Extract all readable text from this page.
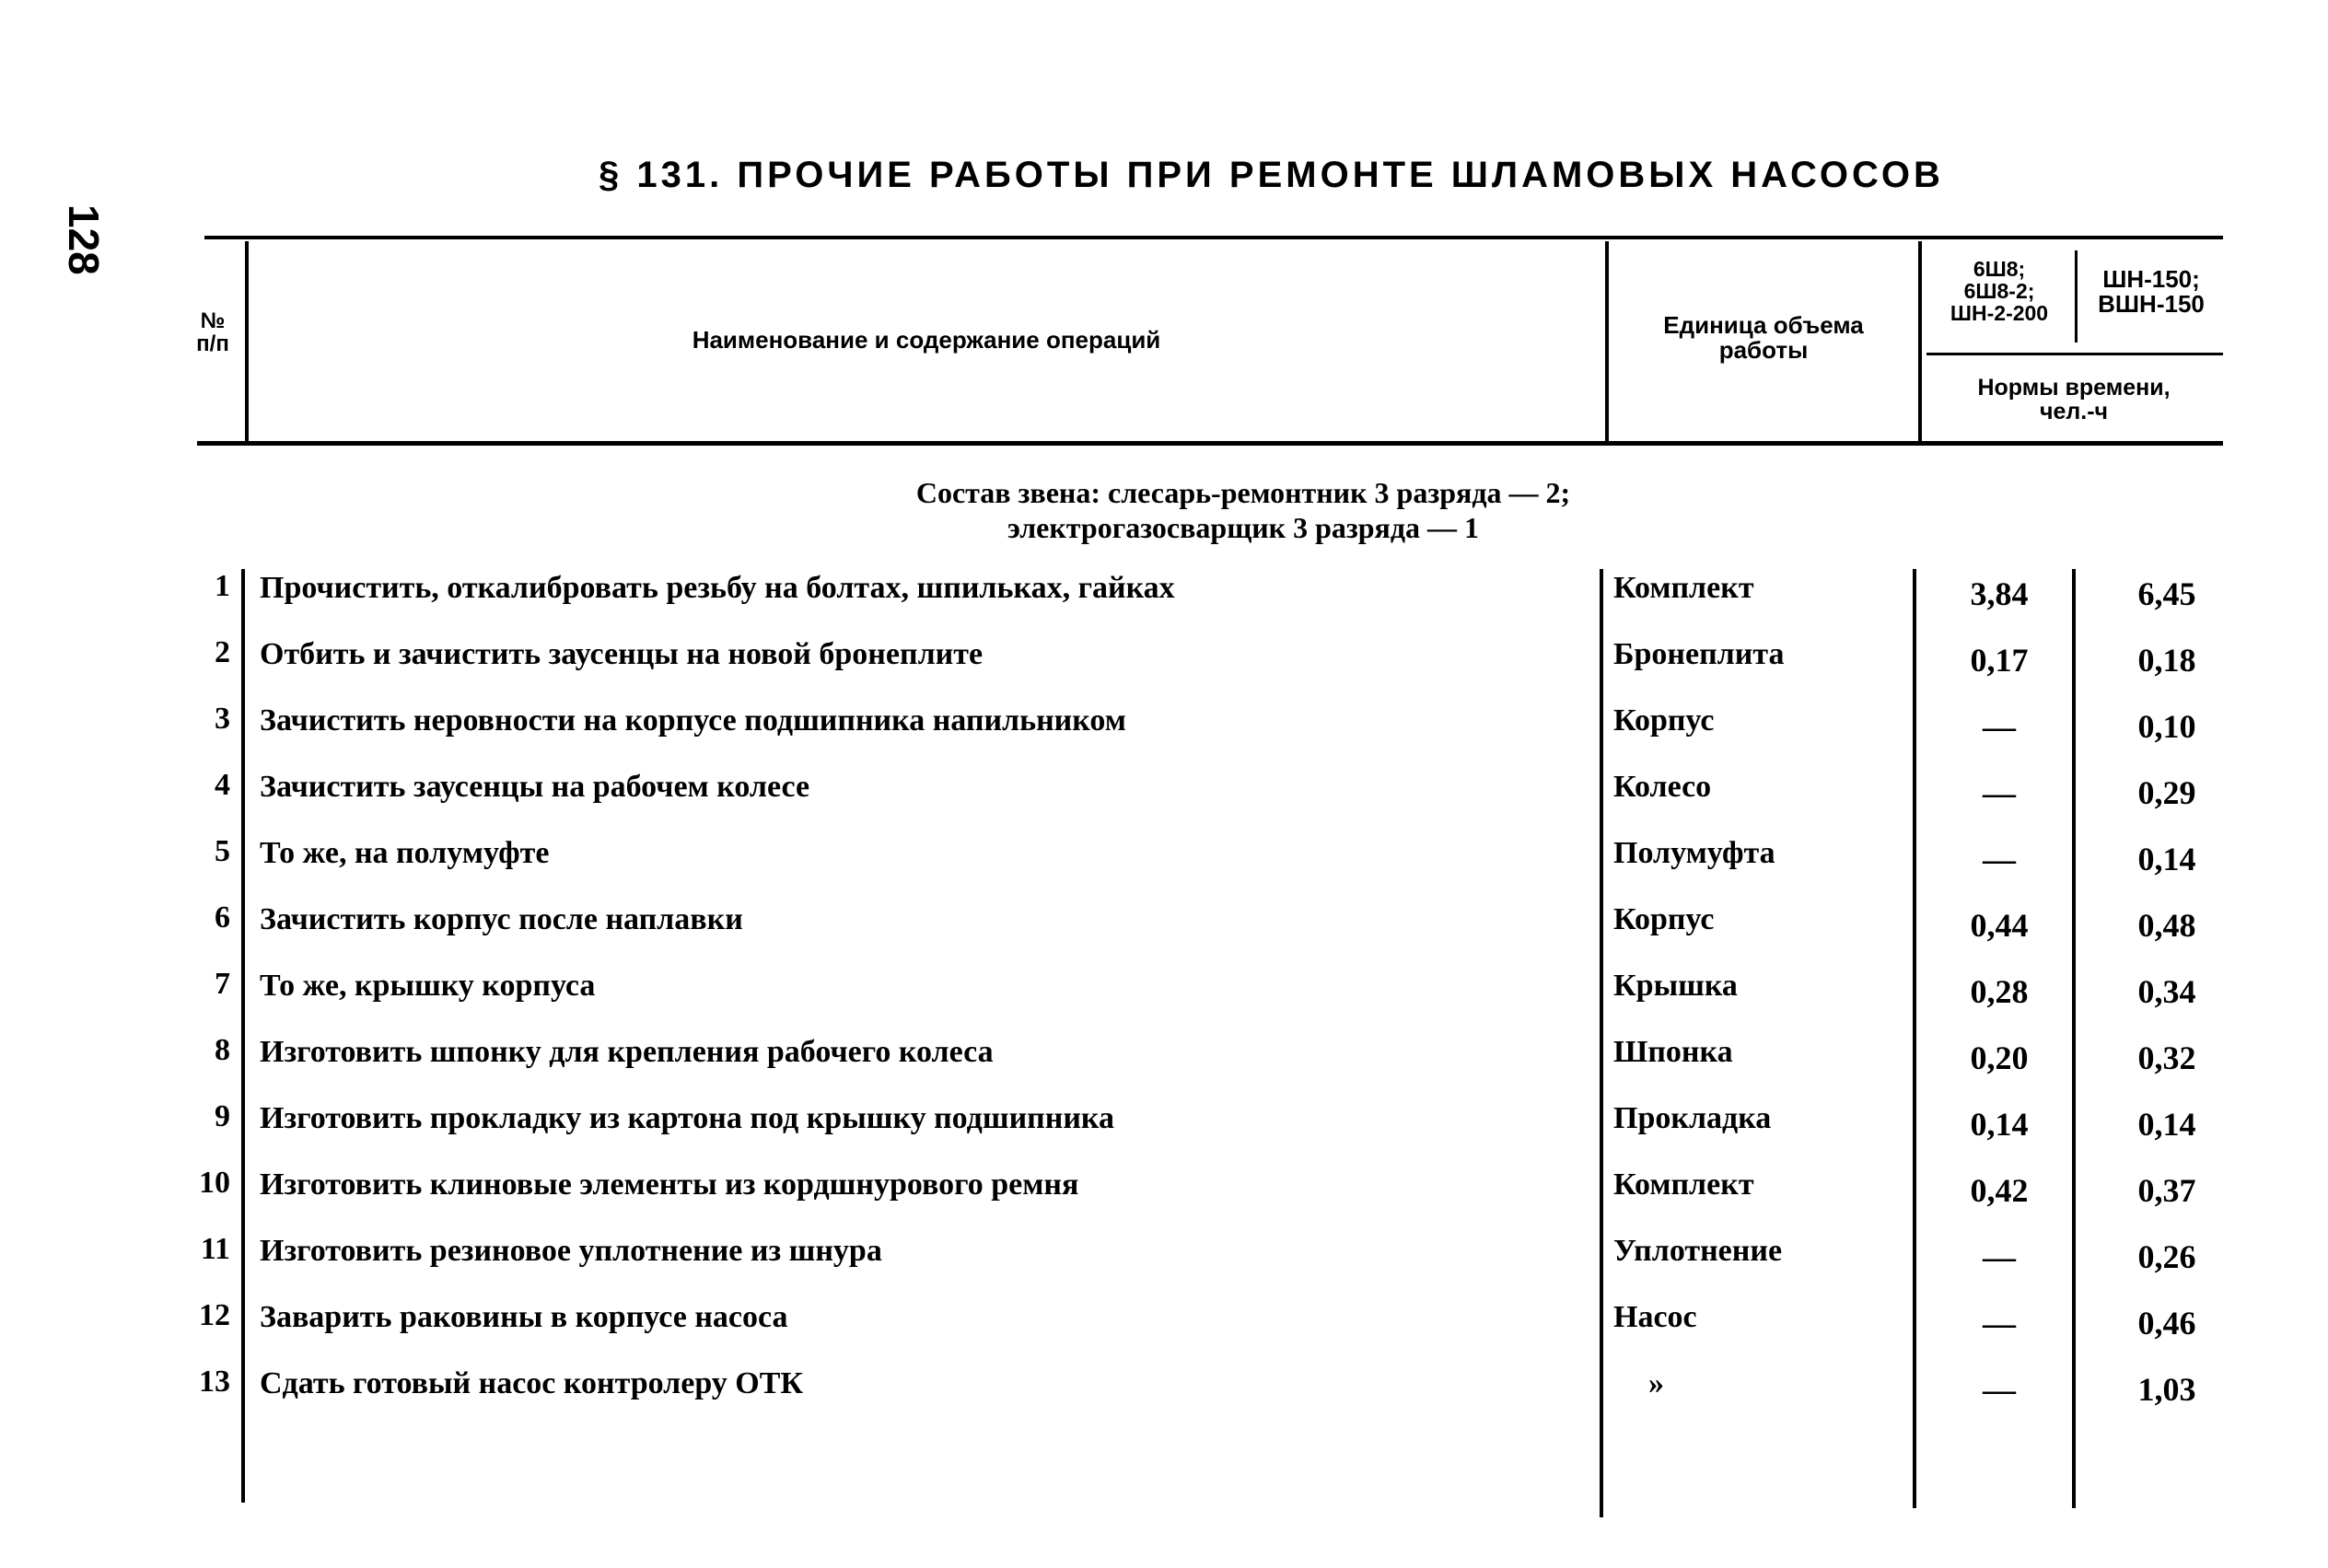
128
§ 131. ПРОЧИЕ РАБОТЫ ПРИ РЕМОНТЕ ШЛАМОВЫХ НАСОСОВ
№
п/п	Наименование и содержание операций
Единица объема
работы
6Ш8;
6Ш8-2;
ШН-2-200
ШН-150;
ВШН-150
Нормы времени,
чел.-ч
Состав звена: слесарь-ремонтник 3 разряда — 2;
электрогазосварщик 3 разряда — 1
1 Прочистить, откалибровать резьбу на болтах, шпильках, гайках	Комплект	3,84	6,45
2 Отбить и зачистить заусенцы на новой бронеплите	Бронеплита	0,17	0,18
3 Зачистить неровности на корпусе подшипника напильником	Корпус	—	0,10
4 Зачистить заусенцы на рабочем колесе	Колесо	—	0,29
5 То же, на полумуфте	Полумуфта	—	0,14
6 Зачистить корпус после наплавки	Корпус	0,44	0,48
7 То же, крышку корпуса	Крышка	0,28	0,34
8 Изготовить шпонку для крепления рабочего колеса	Шпонка	0,20	0,32
9 Изготовить прокладку из картона под крышку подшипника	Прокладка	0,14	0,14
10 Изготовить клиновые элементы из кордшнурового ремня	Комплект	0,42	0,37
11 Изготовить резиновое уплотнение из шнура	Уплотнение	—	0,26
12 Заварить раковины в корпусе насоса	Насос	—	0,46
13 Сдать готовый насос контролеру ОТК	»	—	1,03
